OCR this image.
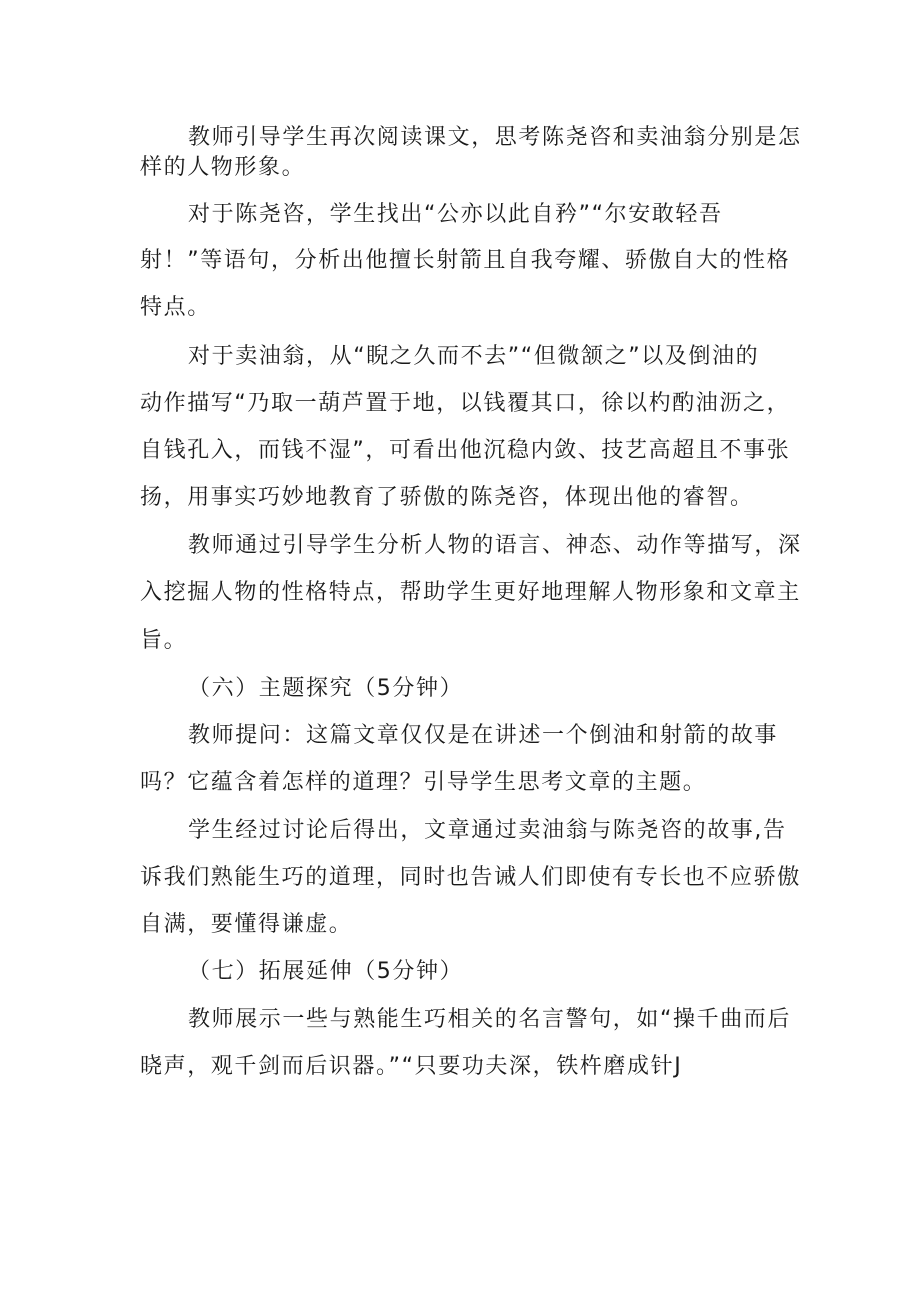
教师引导学生再次阅读课文，思考陈尧咨和卖油翁分别是怎
样的人物形象。
对于陈尧咨，学生找出“公亦以此自矜”“尔安敢轻吾
射！”等语句，分析出他擅长射箭且自我夸耀、骄傲自大的性格
特点。
对于卖油翁，从“睨之久而不去”“但微颔之”以及倒油的
动作描写“乃取一葫芦置于地，以钱覆其口，徐以杓酌油沥之，
自钱孔入，而钱不湿”，可看出他沉稳内敛、技艺高超且不事张
扬，用事实巧妙地教育了骄傲的陈尧咨，体现出他的睿智。
教师通过引导学生分析人物的语言、神态、动作等描写，深
入挖掘人物的性格特点，帮助学生更好地理解人物形象和文章主
旨。
（六）主题探究（5分钟）
教师提问：这篇文章仅仅是在讲述一个倒油和射箭的故事
吗？它蕴含着怎样的道理？引导学生思考文章的主题。
学生经过讨论后得出，文章通过卖油翁与陈尧咨的故事,告
诉我们熟能生巧的道理，同时也告诫人们即使有专长也不应骄傲
自满，要懂得谦虚。
（七）拓展延伸（5分钟）
教师展示一些与熟能生巧相关的名言警句，如“操千曲而后
晓声，观千剑而后识器。”“只要功夫深，铁杵磨成针J
